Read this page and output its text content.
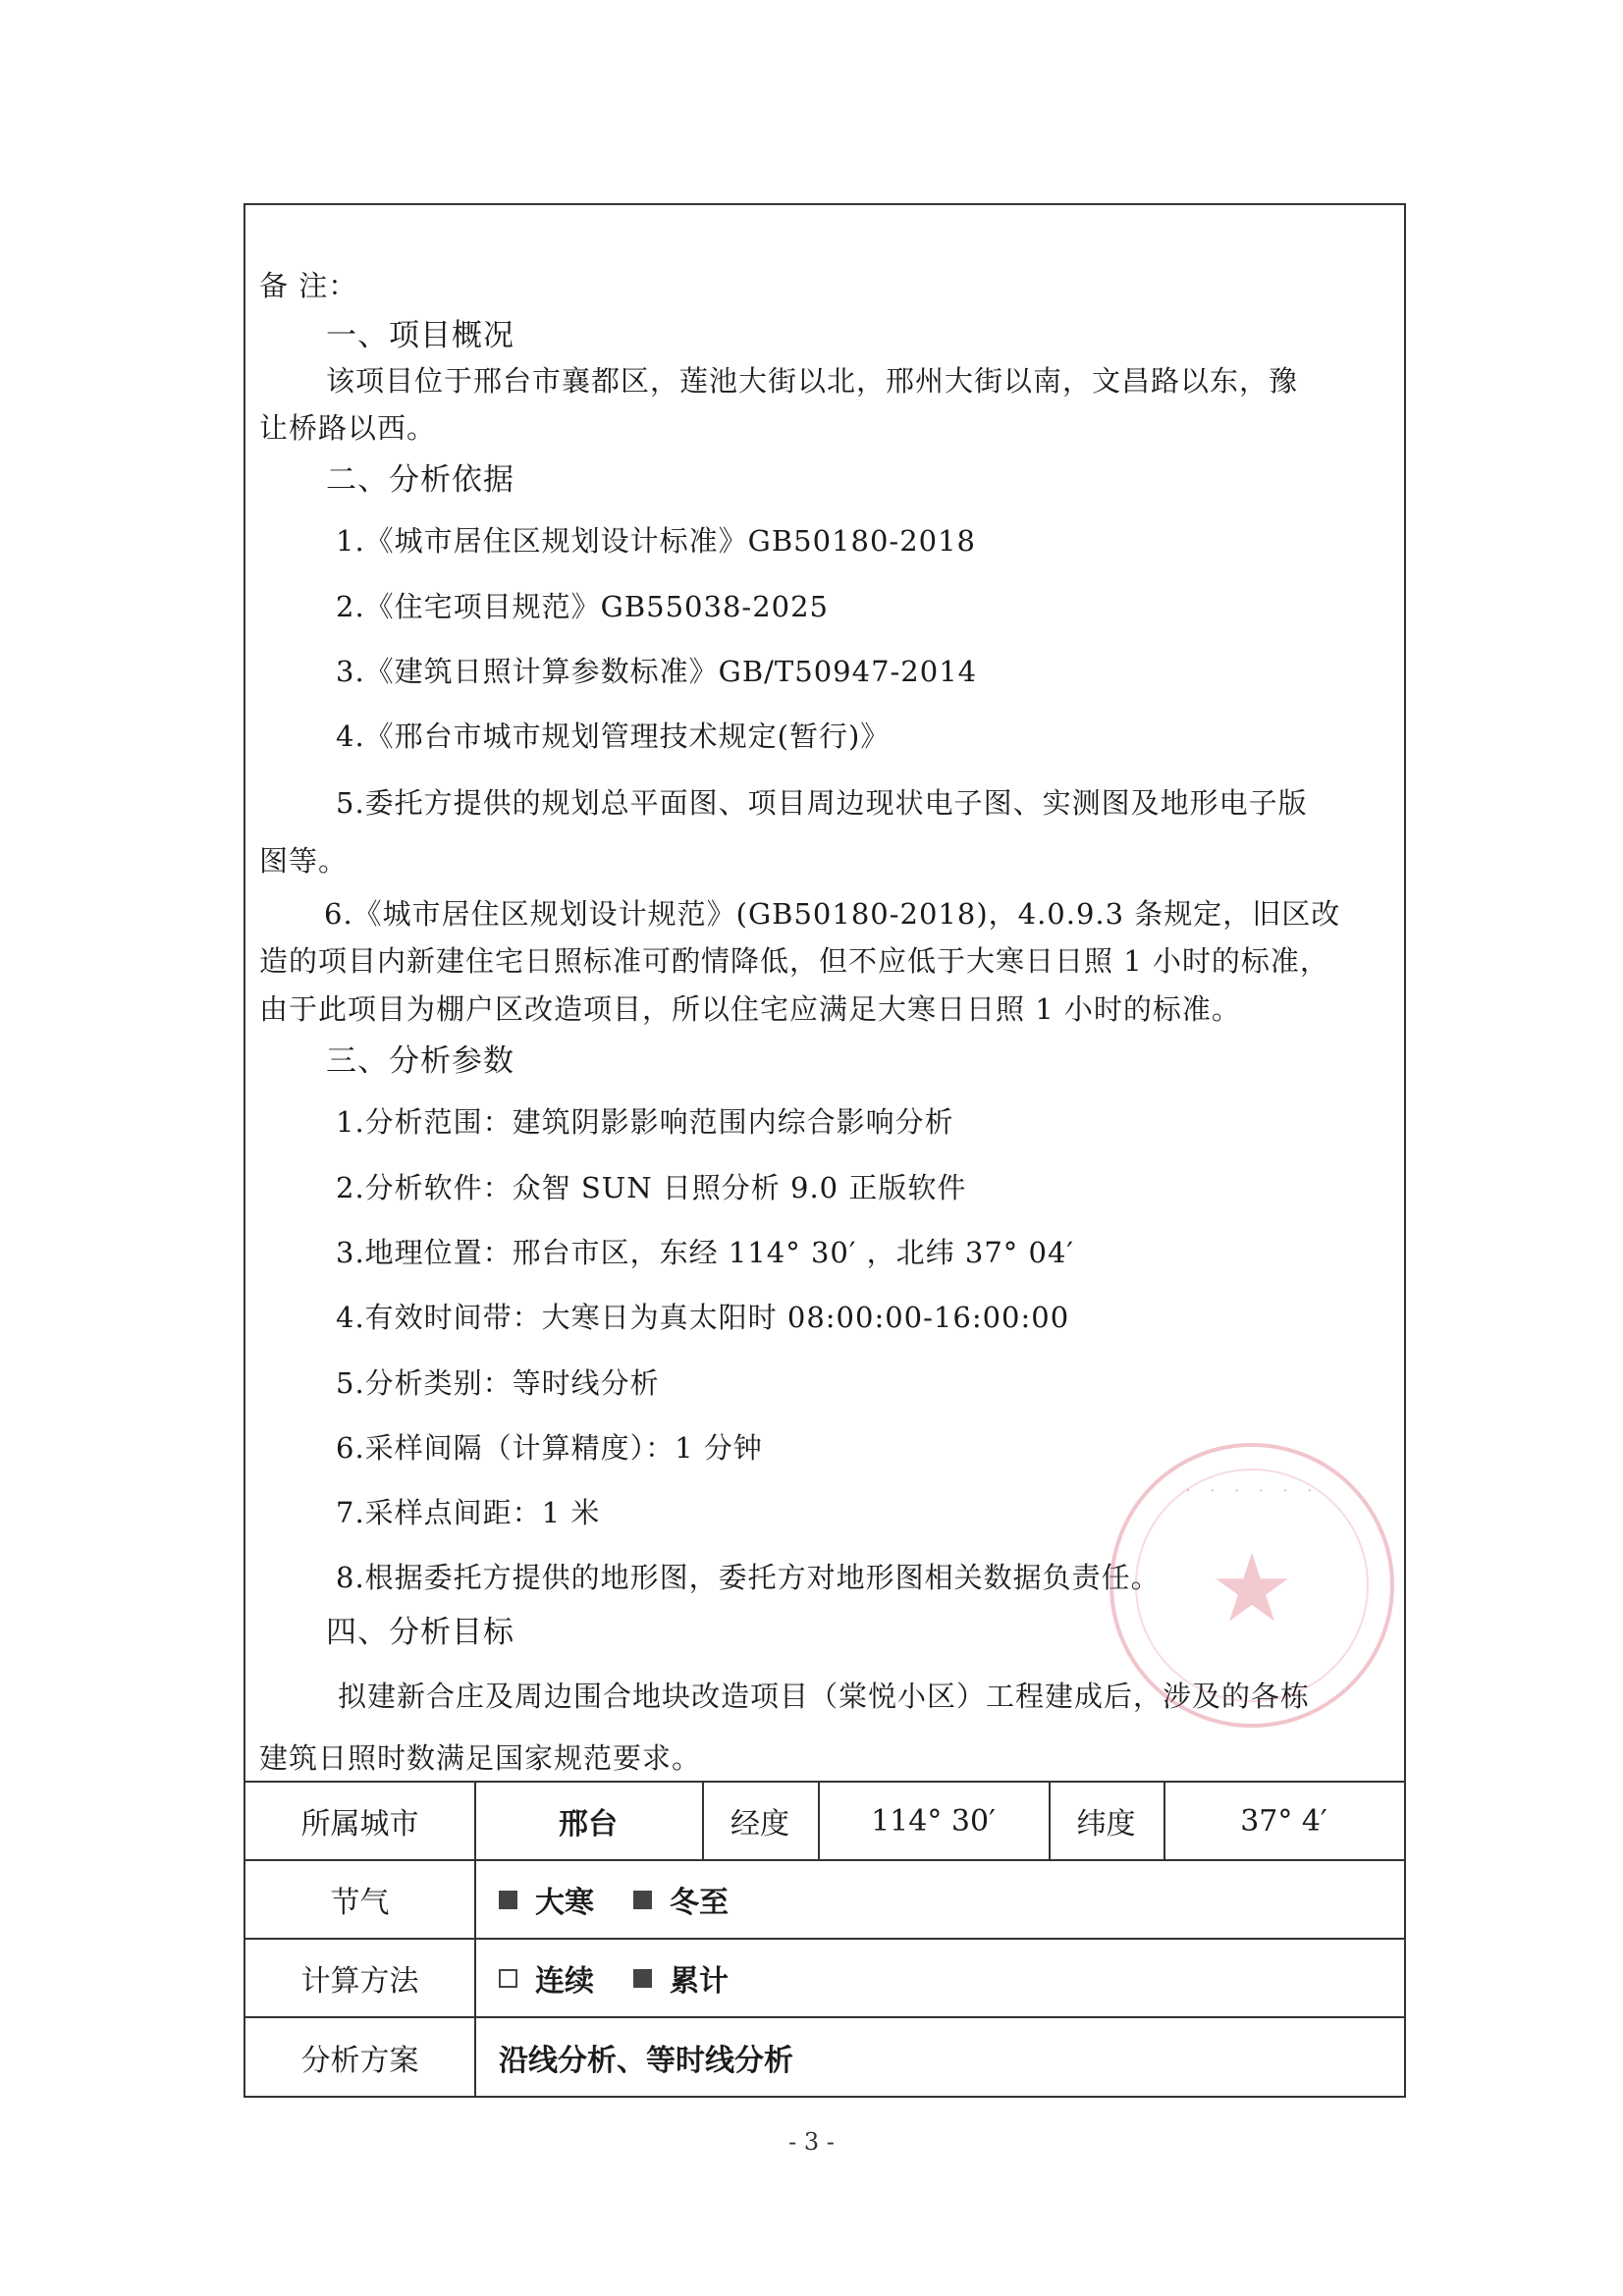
备 注：
一、项目概况
该项目位于邢台市襄都区，莲池大街以北，邢州大街以南，文昌路以东，豫
让桥路以西。
二、分析依据
1.《城市居住区规划设计标准》GB50180-2018
2.《住宅项目规范》GB55038-2025
3.《建筑日照计算参数标准》GB/T50947-2014
4.《邢台市城市规划管理技术规定(暂行)》
5.委托方提供的规划总平面图、项目周边现状电子图、实测图及地形电子版
图等。
6.《城市居住区规划设计规范》(GB50180-2018)，4.0.9.3 条规定，旧区改
造的项目内新建住宅日照标准可酌情降低，但不应低于大寒日日照 1 小时的标准，
由于此项目为棚户区改造项目，所以住宅应满足大寒日日照 1 小时的标准。
三、分析参数
1.分析范围：建筑阴影影响范围内综合影响分析
2.分析软件：众智 SUN 日照分析 9.0 正版软件
3.地理位置：邢台市区，东经 114° 30′ ，北纬 37° 04′
4.有效时间带：大寒日为真太阳时 08:00:00-16:00:00
5.分析类别：等时线分析
6.采样间隔（计算精度）：1 分钟
7.采样点间距：1 米
8.根据委托方提供的地形图，委托方对地形图相关数据负责任。
四、分析目标
拟建新合庄及周边围合地块改造项目（棠悦小区）工程建成后，涉及的各栋
建筑日照时数满足国家规范要求。
所属城市	邢台	经度	114° 30′	纬度	37° 4′
节气	大寒	冬至
计算方法	连续	累计
分析方案	沿线分析、等时线分析
· · · · · ·
★
- 3 -
